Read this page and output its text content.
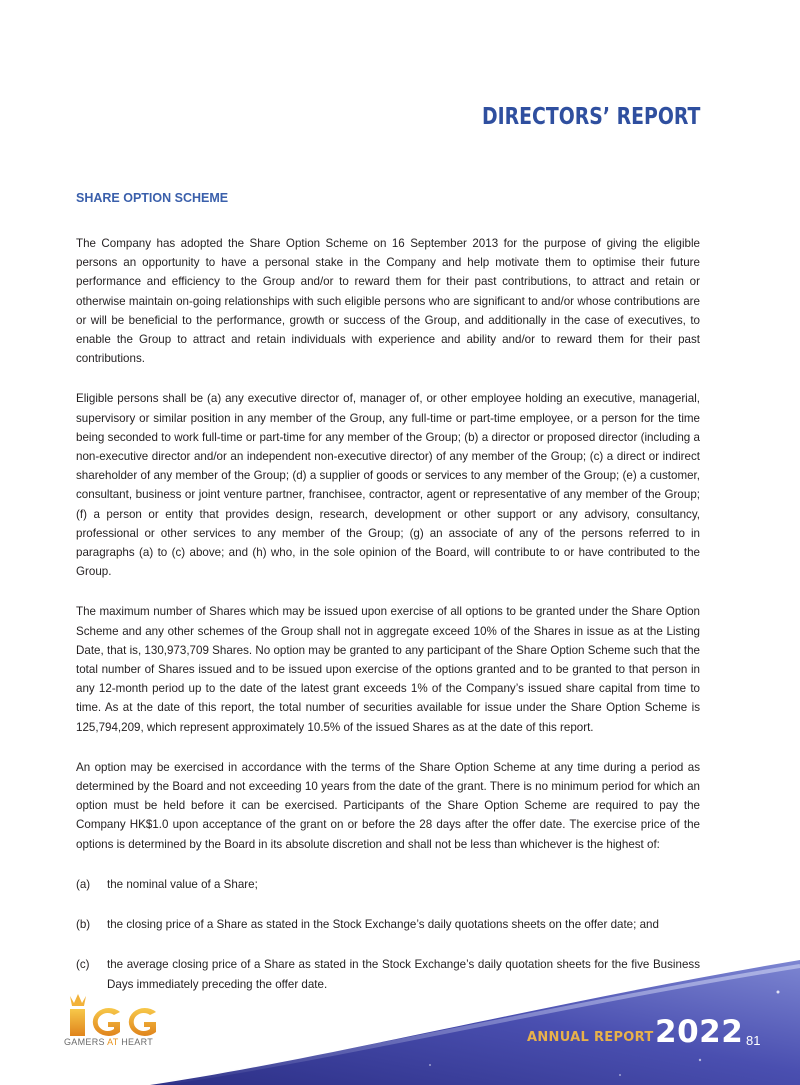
DIRECTORS’ REPORT
SHARE OPTION SCHEME

The Company has adopted the Share Option Scheme on 16 September 2013 for the purpose of giving the eligible persons an opportunity to have a personal stake in the Company and help motivate them to optimise their future performance and efficiency to the Group and/or to reward them for their past contributions, to attract and retain or otherwise maintain on-going relationships with such eligible persons who are significant to and/or whose contributions are or will be beneficial to the performance, growth or success of the Group, and additionally in the case of executives, to enable the Group to attract and retain individuals with experience and ability and/or to reward them for their past contributions.

Eligible persons shall be (a) any executive director of, manager of, or other employee holding an executive, managerial, supervisory or similar position in any member of the Group, any full-time or part-time employee, or a person for the time being seconded to work full-time or part-time for any member of the Group; (b) a director or proposed director (including a non-executive director and/or an independent non-executive director) of any member of the Group; (c) a direct or indirect shareholder of any member of the Group; (d) a supplier of goods or services to any member of the Group; (e) a customer, consultant, business or joint venture partner, franchisee, contractor, agent or representative of any member of the Group; (f) a person or entity that provides design, research, development or other support or any advisory, consultancy, professional or other services to any member of the Group; (g) an associate of any of the persons referred to in paragraphs (a) to (c) above; and (h) who, in the sole opinion of the Board, will contribute to or have contributed to the Group.

The maximum number of Shares which may be issued upon exercise of all options to be granted under the Share Option Scheme and any other schemes of the Group shall not in aggregate exceed 10% of the Shares in issue as at the Listing Date, that is, 130,973,709 Shares. No option may be granted to any participant of the Share Option Scheme such that the total number of Shares issued and to be issued upon exercise of the options granted and to be granted to that person in any 12-month period up to the date of the latest grant exceeds 1% of the Company’s issued share capital from time to time. As at the date of this report, the total number of securities available for issue under the Share Option Scheme is 125,794,209, which represent approximately 10.5% of the issued Shares as at the date of this report.

An option may be exercised in accordance with the terms of the Share Option Scheme at any time during a period as determined by the Board and not exceeding 10 years from the date of the grant. There is no minimum period for which an option must be held before it can be exercised. Participants of the Share Option Scheme are required to pay the Company HK$1.0 upon acceptance of the grant on or before the 28 days after the offer date. The exercise price of the options is determined by the Board in its absolute discretion and shall not be less than whichever is the highest of:

(a)	the nominal value of a Share;
(b)	the closing price of a Share as stated in the Stock Exchange’s daily quotations sheets on the offer date; and
(c)	the average closing price of a Share as stated in the Stock Exchange’s daily quotation sheets for the five Business Days immediately preceding the offer date.
GAMERS AT HEART	ANNUAL REPORT 2022 81
